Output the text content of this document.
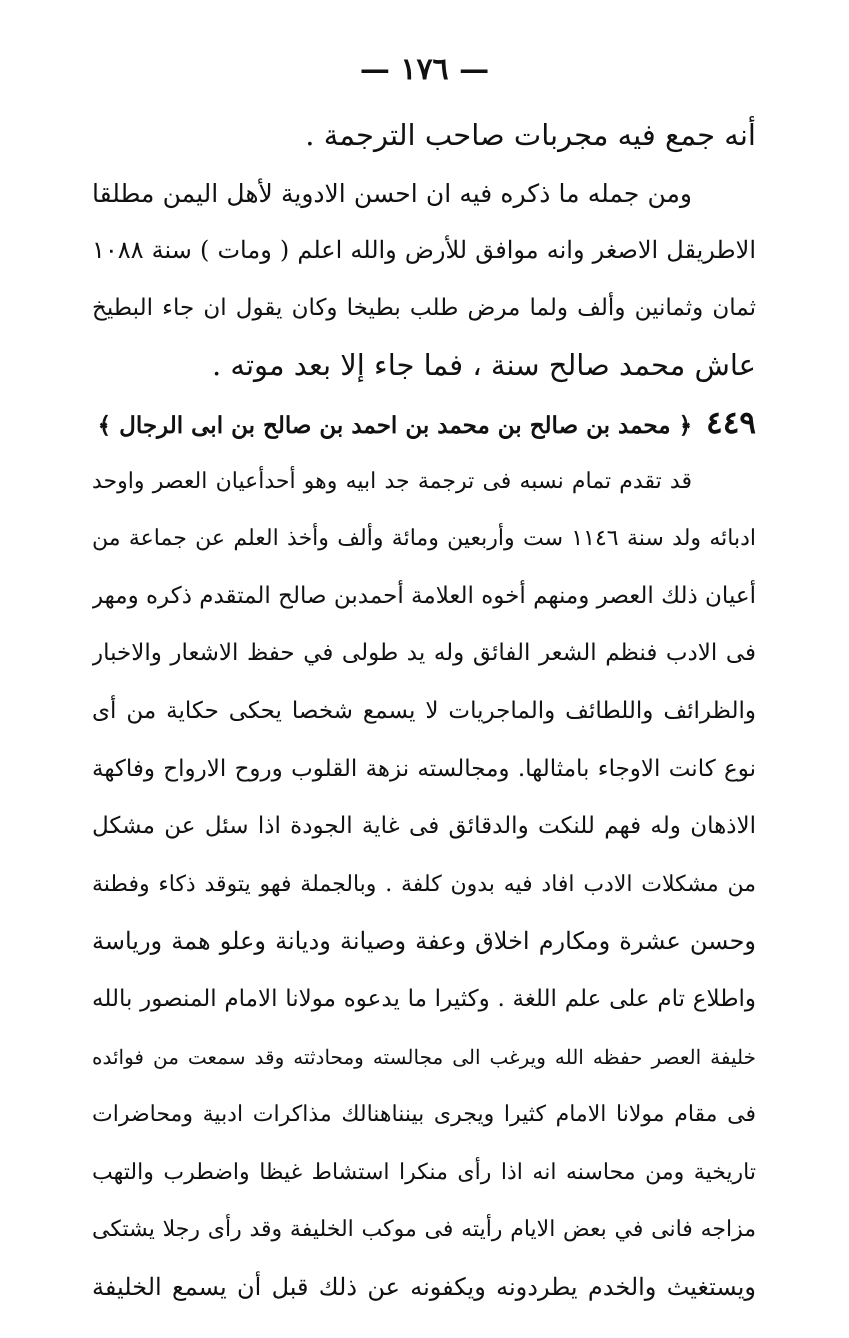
— ١٧٦ —
أنه جمع فيه مجربات صاحب الترجمة .
ومن جمله ما ذكره فيه ان احسن الادوية لأهل اليمن مطلقا
الاطريقل الاصغر وانه موافق للأرض والله اعلم ( ومات ) سنة ١٠٨٨
ثمان وثمانين وألف ولما مرض طلب بطيخا وكان يقول ان جاء البطيخ
عاش محمد صالح سنة ، فما جاء إلا بعد موته .
٤٤٩﴿ محمد بن صالح بن محمد بن احمد بن صالح بن ابى الرجال ﴾
قد تقدم تمام نسبه فى ترجمة جد ابيه وهو أحدأعيان العصر واوحد
ادبائه ولد سنة ١١٤٦ ست وأربعين ومائة وألف وأخذ العلم عن جماعة من
أعيان ذلك العصر ومنهم أخوه العلامة أحمدبن صالح المتقدم ذكره ومهر
فى الادب فنظم الشعر الفائق وله يد طولى في حفظ الاشعار والاخبار
والظرائف واللطائف والماجريات لا يسمع شخصا يحكى حكاية من أى
نوع كانت الاوجاء بامثالها. ومجالسته نزهة القلوب وروح الارواح وفاكهة
الاذهان وله فهم للنكت والدقائق فى غاية الجودة اذا سئل عن مشكل
من مشكلات الادب افاد فيه بدون كلفة . وبالجملة فهو يتوقد ذكاء وفطنة
وحسن عشرة ومكارم اخلاق وعفة وصيانة وديانة وعلو همة ورياسة
واطلاع تام على علم اللغة . وكثيرا ما يدعوه مولانا الامام المنصور بالله
خليفة العصر حفظه الله ويرغب الى مجالسته ومحادثته وقد سمعت من فوائده
فى مقام مولانا الامام كثيرا ويجرى بينناهنالك مذاكرات ادبية ومحاضرات
تاريخية ومن محاسنه انه اذا رأى منكرا استشاط غيظا واضطرب والتهب
مزاجه فانى في بعض الايام رأيته فى موكب الخليفة وقد رأى رجلا يشتكى
ويستغيث والخدم يطردونه ويكفونه عن ذلك قبل أن يسمع الخليفة
